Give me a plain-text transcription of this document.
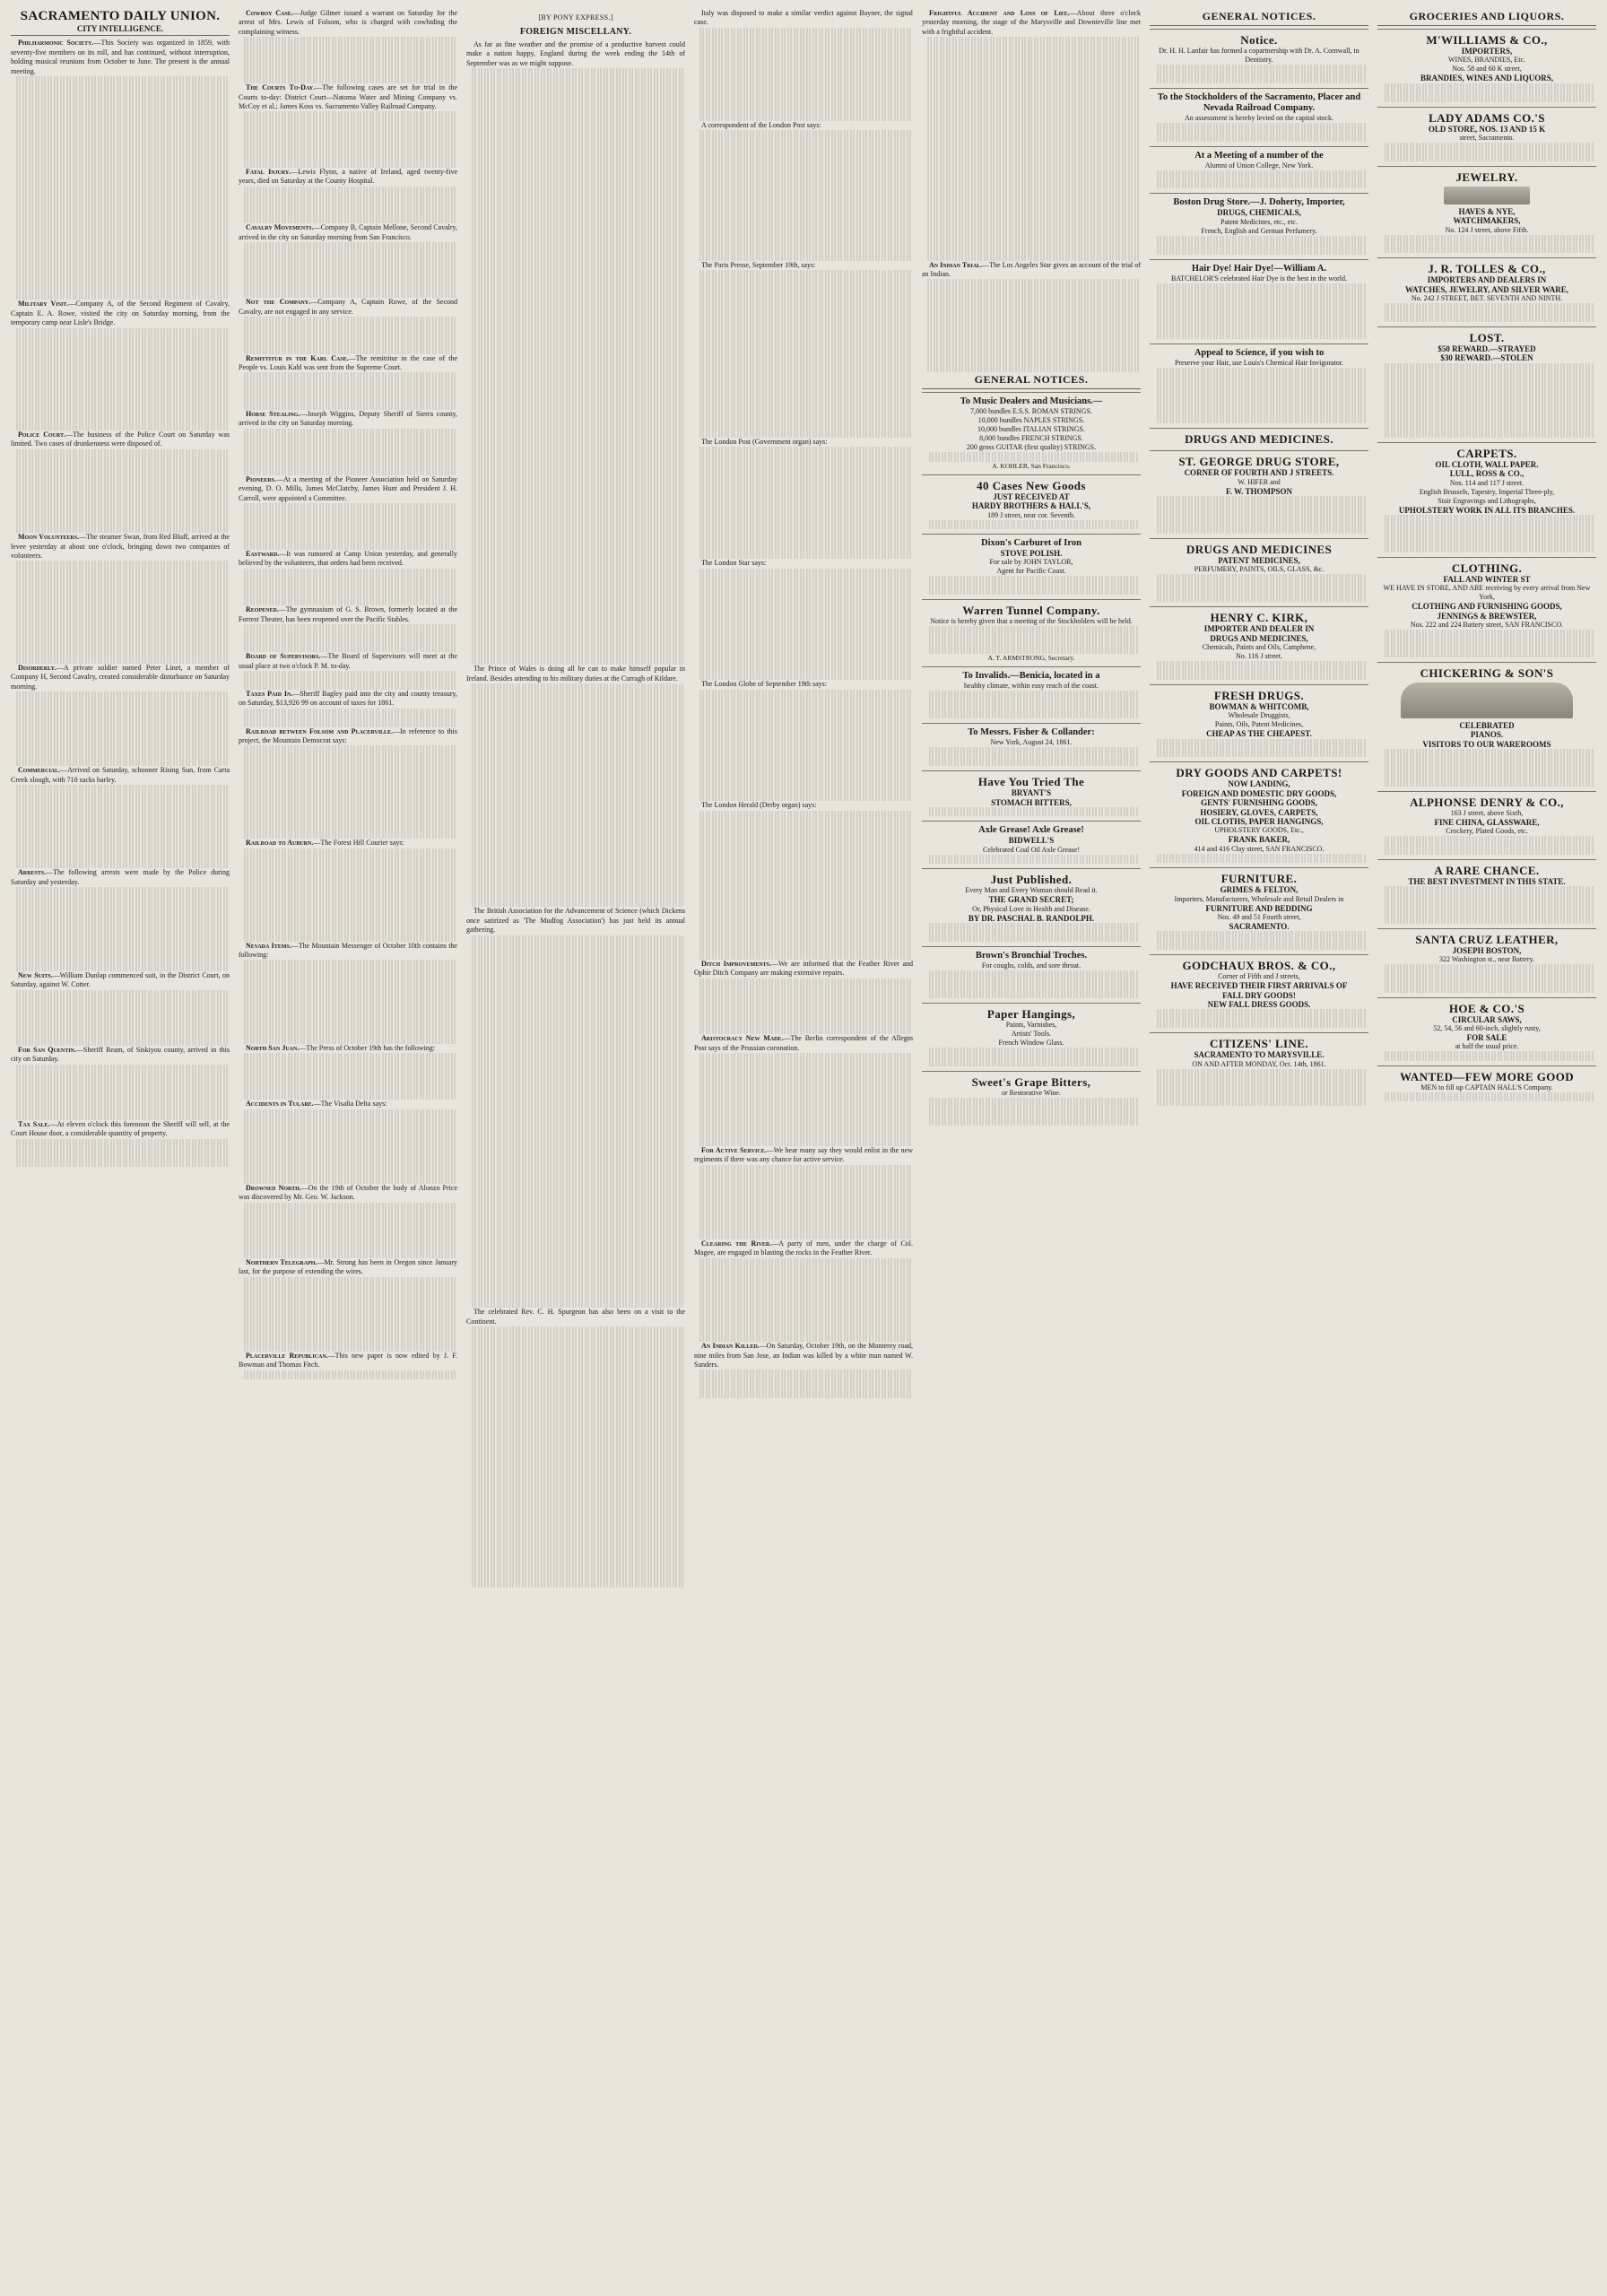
SACRAMENTO DAILY UNION.
CITY INTELLIGENCE.

Philharmonic Society.—This Society was organized in 1859, with seventy-five members on its roll, and has continued, without interruption, holding musical reunions from October to June. The present is the annual meeting.

Military Visit.—Company A, of the Second Regiment of Cavalry, Captain E. A. Rowe, visited the city on Saturday morning, from the temporary camp near Lisle's Bridge.

Police Court.—The business of the Police Court on Saturday was limited. Two cases of drunkenness were disposed of.

Moon Volunteers.—The steamer Swan, from Red Bluff, arrived at the levee yesterday at about one o'clock, bringing down two companies of volunteers.

Disorderly.—A private soldier named Peter Linet, a member of Company H, Second Cavalry, created considerable disturbance on Saturday morning.

Commercial.—Arrived on Saturday, schooner Rising Sun, from Carta Creek slough, with 710 sacks barley.

Arrests.—The following arrests were made by the Police during Saturday and yesterday.

New Suits.—William Dunlap commenced suit, in the District Court, on Saturday, against W. Cotter.

For San Quentin.—Sheriff Ream, of Siskiyou county, arrived in this city on Saturday.

Tax Sale.—At eleven o'clock this forenoon the Sheriff will sell, at the Court House door, a considerable quantity of property.

Cowboy Case.—Judge Gilmer issued a warrant on Saturday for the arrest of Mrs. Lewis of Folsom, who is charged with cowhiding the complaining witness.

The Courts To-Day.—The following cases are set for trial in the Courts to-day: District Court—Natoma Water and Mining Company vs. McCoy et al.; James Koss vs. Sacramento Valley Railroad Company.

Fatal Injury.—Lewis Flynn, a native of Ireland, aged twenty-five years, died on Saturday at the County Hospital.

Cavalry Movements.—Company B, Captain Mellone, Second Cavalry, arrived in the city on Saturday morning from San Francisco.

Not the Company.—Company A, Captain Rowe, of the Second Cavalry, are not engaged in any service.

Remittitur in the Karl Case.—The remittitur in the case of the People vs. Louis Kahl was sent from the Supreme Court.

Horse Stealing.—Joseph Wiggins, Deputy Sheriff of Sierra county, arrived in the city on Saturday morning.

Pioneers.—At a meeting of the Pioneer Association held on Saturday evening, D. O. Mills, James McClatchy, James Hunt and President J. H. Carroll, were appointed a Committee.

Eastward.—It was rumored at Camp Union yesterday, and generally believed by the volunteers, that orders had been received.

Reopened.—The gymnasium of G. S. Brown, formerly located at the Forrest Theater, has been reopened over the Pacific Stables.

Board of Supervisors.—The Board of Supervisors will meet at the usual place at two o'clock P. M. to-day.

Taxes Paid In.—Sheriff Bagley paid into the city and county treasury, on Saturday, $13,926 99 on account of taxes for 1861.

Railroad between Folsom and Placerville.—In reference to this project, the Mountain Democrat says:

Railroad to Auburn.—The Forest Hill Courier says:

Nevada Items.—The Mountain Messenger of October 10th contains the following:

North San Juan.—The Press of October 19th has the following:

Accidents in Tulare.—The Visalia Delta says:

Drowned North.—On the 19th of October the body of Alonzo Price was discovered by Mr. Geo. W. Jackson.

Northern Telegraph.—Mr. Strong has been in Oregon since January last, for the purpose of extending the wires.

Placerville Republican.—This new paper is now edited by J. F. Bowman and Thomas Fitch.

[BY PONY EXPRESS.]
FOREIGN MISCELLANY.

As far as fine weather and the promise of a productive harvest could make a nation happy, England during the week ending the 14th of September was as we might suppose.

The Prince of Wales is doing all he can to make himself popular in Ireland. Besides attending to his military duties at the Curragh of Kildare.

The British Association for the Advancement of Science (which Dickens once satirized as 'The Mudfog Association') has just held its annual gathering.

The celebrated Rev. C. H. Spurgeon has also been on a visit to the Continent.

Italy was disposed to make a similar verdict against Bayner, the signal case.

A correspondent of the London Post says:

The Paris Presse, September 19th, says:

The London Post (Government organ) says:

The London Star says:

The London Globe of September 19th says:

The London Herald (Derby organ) says:

Ditch Improvements.—We are informed that the Feather River and Ophir Ditch Company are making extensive repairs.

Aristocracy New Made.—The Berlin correspondent of the Allegm Post says of the Prussian coronation.

For Active Service.—We hear many say they would enlist in the new regiments if there was any chance for active service.

Clearing the River.—A party of men, under the charge of Col. Magee, are engaged in blasting the rocks in the Feather River.

An Indian Killed.—On Saturday, October 19th, on the Monterey road, nine miles from San Jose, an Indian was killed by a white man named W. Sanders.

Frightful Accident and Loss of Life.—About three o'clock yesterday morning, the stage of the Marysville and Downieville line met with a frightful accident.

An Indian Trial.—The Los Angeles Star gives an account of the trial of an Indian.

GENERAL NOTICES.
To Music Dealers and Musicians.—
7,000 bundles E.S.S. ROMAN STRINGS.
10,000 bundles NAPLES STRINGS.
10,000 bundles ITALIAN STRINGS.
8,000 bundles FRENCH STRINGS.
200 gross GUITAR (first quality) STRINGS.
A. KOHLER, San Francisco.
40 Cases New Goods
JUST RECEIVED AT
HARDY BROTHERS & HALL'S,
189 J street, near cor. Seventh.
Dixon's Carburet of Iron
STOVE POLISH.
For sale by JOHN TAYLOR,
Agent for Pacific Coast.
Warren Tunnel Company.
Notice is hereby given that a meeting of the Stockholders will be held.
A. T. ARMSTRONG, Secretary.
To Invalids.—Benicia, located in a
healthy climate, within easy reach of the coast.
To Messrs. Fisher & Collander:
New York, August 24, 1861.
Have You Tried The
BRYANT'S
STOMACH BITTERS,
Axle Grease! Axle Grease!
BIDWELL'S
Celebrated Coal Oil Axle Grease!
Just Published.
Every Man and Every Woman should Read it.
THE GRAND SECRET;
Or, Physical Love in Health and Disease.
BY DR. PASCHAL B. RANDOLPH.
Brown's Bronchial Troches.
For coughs, colds, and sore throat.
Paper Hangings,
Paints, Varnishes,
Artists' Tools.
French Window Glass.
Sweet's Grape Bitters,
or Restorative Wine.
GENERAL NOTICES.
Notice.
Dr. H. H. Lanfair has formed a copartnership with Dr. A. Cornwall, in Dentistry.
To the Stockholders of the Sacramento, Placer and Nevada Railroad Company.
An assessment is hereby levied on the capital stock.
At a Meeting of a number of the
Alumni of Union College, New York.
Boston Drug Store.—J. Doherty, Importer,
DRUGS, CHEMICALS,
Patent Medicines, etc., etc.
French, English and German Perfumery.
Hair Dye! Hair Dye!—William A.
BATCHELOR'S celebrated Hair Dye is the best in the world.
Appeal to Science, if you wish to
Preserve your Hair, use Louis's Chemical Hair Invigorator.
DRUGS AND MEDICINES.
ST. GEORGE DRUG STORE,
CORNER OF FOURTH AND J STREETS.
W. HIFER and
F. W. THOMPSON
DRUGS AND MEDICINES
PATENT MEDICINES,
PERFUMERY, PAINTS, OILS, GLASS, &c.
HENRY C. KIRK,
IMPORTER AND DEALER IN
DRUGS AND MEDICINES,
Chemicals, Paints and Oils, Camphene,
No. 116 J street.
FRESH DRUGS.
BOWMAN & WHITCOMB,
Wholesale Druggists,
Paints, Oils, Patent Medicines,
CHEAP AS THE CHEAPEST.
DRY GOODS AND CARPETS!
NOW LANDING,
FOREIGN AND DOMESTIC DRY GOODS,
GENTS' FURNISHING GOODS,
HOSIERY, GLOVES, CARPETS,
OIL CLOTHS, PAPER HANGINGS,
UPHOLSTERY GOODS, Etc.,
FRANK BAKER,
414 and 416 Clay street, SAN FRANCISCO.
FURNITURE.
GRIMES & FELTON,
Importers, Manufacturers, Wholesale and Retail Dealers in
FURNITURE AND BEDDING
Nos. 49 and 51 Fourth street,
SACRAMENTO.
GODCHAUX BROS. & CO.,
Corner of Fifth and J streets,
HAVE RECEIVED THEIR FIRST ARRIVALS OF
FALL DRY GOODS!
NEW FALL DRESS GOODS.
CITIZENS' LINE.
SACRAMENTO TO MARYSVILLE.
ON AND AFTER MONDAY, Oct. 14th, 1861.
GROCERIES AND LIQUORS.
M'WILLIAMS & CO.,
IMPORTERS,
WINES, BRANDIES, Etc.
Nos. 58 and 60 K street,
BRANDIES, WINES AND LIQUORS,
LADY ADAMS CO.'S
OLD STORE, NOS. 13 AND 15 K
street, Sacramento.
JEWELRY.
HAVES & NYE,
WATCHMAKERS,
No. 124 J street, above Fifth.
J. R. TOLLES & CO.,
IMPORTERS AND DEALERS IN
WATCHES, JEWELRY, AND SILVER WARE,
No. 242 J STREET, BET. SEVENTH AND NINTH.
LOST.
$50 REWARD.—STRAYED
$30 REWARD.—STOLEN
CARPETS.
OIL CLOTH, WALL PAPER.
LULL, ROSS & CO.,
Nos. 114 and 117 J street.
English Brussels, Tapestry, Imperial Three-ply,
Stair Engravings and Lithographs,
UPHOLSTERY WORK IN ALL ITS BRANCHES.
CLOTHING.
FALL AND WINTER ST
WE HAVE IN STORE, AND ARE receiving by every arrival from New York,
CLOTHING AND FURNISHING GOODS,
JENNINGS & BREWSTER,
Nos. 222 and 224 Battery street, SAN FRANCISCO.
CHICKERING & SON'S
CELEBRATED
PIANOS.
VISITORS TO OUR WAREROOMS
ALPHONSE DENRY & CO.,
163 J street, above Sixth,
FINE CHINA, GLASSWARE,
Crockery, Plated Goods, etc.
A RARE CHANCE.
THE BEST INVESTMENT IN THIS STATE.
SANTA CRUZ LEATHER,
JOSEPH BOSTON,
322 Washington st., near Battery.
HOE & CO.'S
CIRCULAR SAWS,
52, 54, 56 and 60-inch, slightly rusty,
FOR SALE
at half the usual price.
WANTED—FEW MORE GOOD
MEN to fill up CAPTAIN HALL'S Company.
